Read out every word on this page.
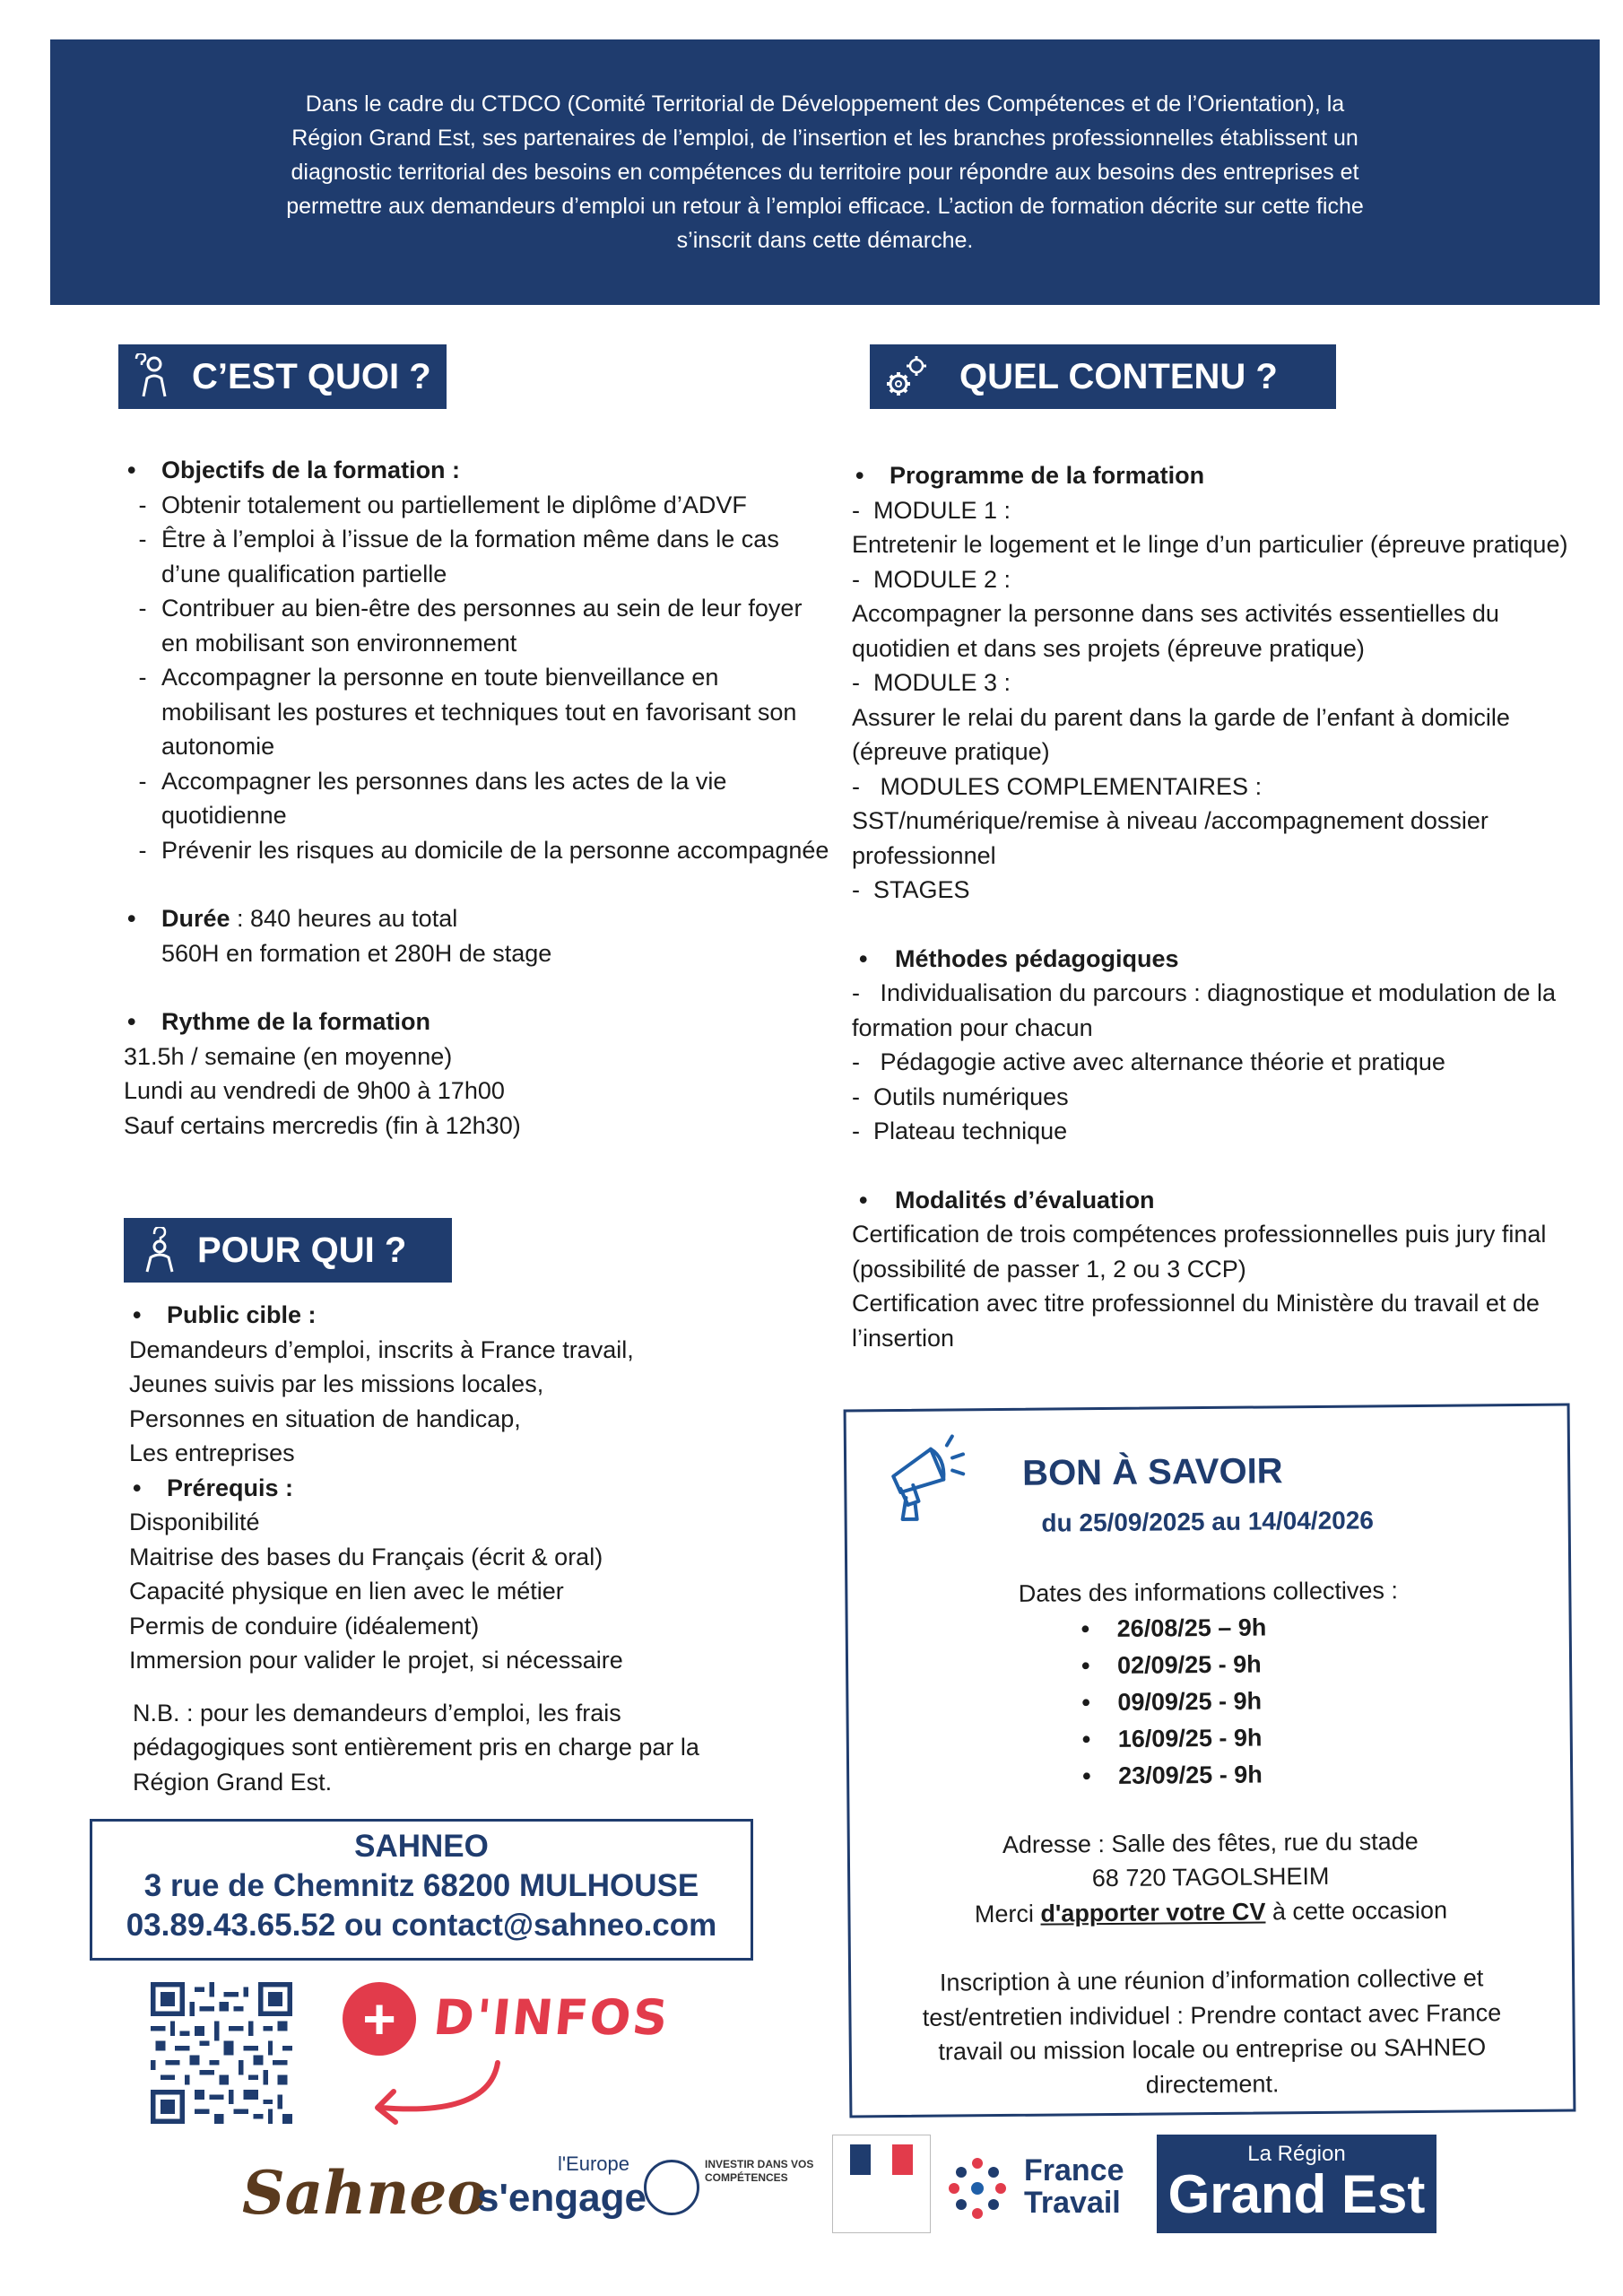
Dans le cadre du CTDCO (Comité Territorial de Développement des Compétences et de l’Orientation), la Région Grand Est, ses partenaires de l’emploi, de l’insertion et les branches professionnelles établissent un diagnostic territorial des besoins en compétences du territoire pour répondre aux besoins des entreprises et permettre aux demandeurs d’emploi un retour à l’emploi efficace. L’action de formation décrite sur cette fiche s’inscrit dans cette démarche.

C’EST QUOI ?
•	Objectifs de la formation :
- Obtenir totalement ou partiellement le diplôme d’ADVF
- Être à l’emploi à l’issue de la formation même dans le cas d’une qualification partielle
- Contribuer au bien-être des personnes au sein de leur foyer en mobilisant son environnement
- Accompagner la personne en toute bienveillance en mobilisant les postures et techniques tout en favorisant son autonomie
- Accompagner les personnes dans les actes de la vie quotidienne
- Prévenir les risques au domicile de la personne accompagnée
•	Durée : 840 heures au total
560H en formation et 280H de stage
•	Rythme de la formation
31.5h / semaine (en moyenne)
Lundi au vendredi de 9h00 à 17h00
Sauf certains mercredis (fin à 12h30)
POUR QUI ?
•	Public cible :
Demandeurs d’emploi, inscrits à France travail,
Jeunes suivis par les missions locales,
Personnes en situation de handicap,
Les entreprises
•	Prérequis :
Disponibilité
Maitrise des bases du Français (écrit & oral)
Capacité physique en lien avec le métier
Permis de conduire (idéalement)
Immersion pour valider le projet, si nécessaire
N.B. : pour les demandeurs d’emploi, les frais pédagogiques sont entièrement pris en charge par la Région Grand Est.
SAHNEO
3 rue de Chemnitz 68200 MULHOUSE
03.89.43.65.52 ou contact@sahneo.com
+ D'INFOS
QUEL CONTENU ?
•	Programme de la formation
-  MODULE 1 :
Entretenir le logement et le linge d’un particulier (épreuve pratique)
-  MODULE 2 :
Accompagner la personne dans ses activités essentielles du quotidien et dans ses projets (épreuve pratique)
-  MODULE 3 :
Assurer le relai du parent dans la garde de l’enfant à domicile (épreuve pratique)
-   MODULES COMPLEMENTAIRES :
SST/numérique/remise à niveau /accompagnement dossier professionnel
-  STAGES
•	Méthodes pédagogiques
-   Individualisation du parcours : diagnostique et modulation de la formation pour chacun
-   Pédagogie active avec alternance théorie et pratique
-  Outils numériques
-  Plateau technique
•	Modalités d’évaluation
Certification de trois compétences professionnelles puis jury final (possibilité de passer 1, 2 ou 3 CCP)
Certification avec titre professionnel du Ministère du travail et de l’insertion
BON À SAVOIR
du 25/09/2025 au 14/04/2026
Dates des informations collectives :
• 26/08/25 – 9h
• 02/09/25 - 9h
• 09/09/25 - 9h
• 16/09/25 - 9h
• 23/09/25 - 9h
Adresse : Salle des fêtes, rue du stade
68 720 TAGOLSHEIM
Merci d'apporter votre CV à cette occasion
Inscription à une réunion d’information collective et test/entretien individuel : Prendre contact avec France travail ou mission locale ou entreprise ou SAHNEO directement.
Sahneo	l'Europe
s'engage
INVESTIR DANS VOS COMPÉTENCES	France
Travail
La Région
Grand Est
